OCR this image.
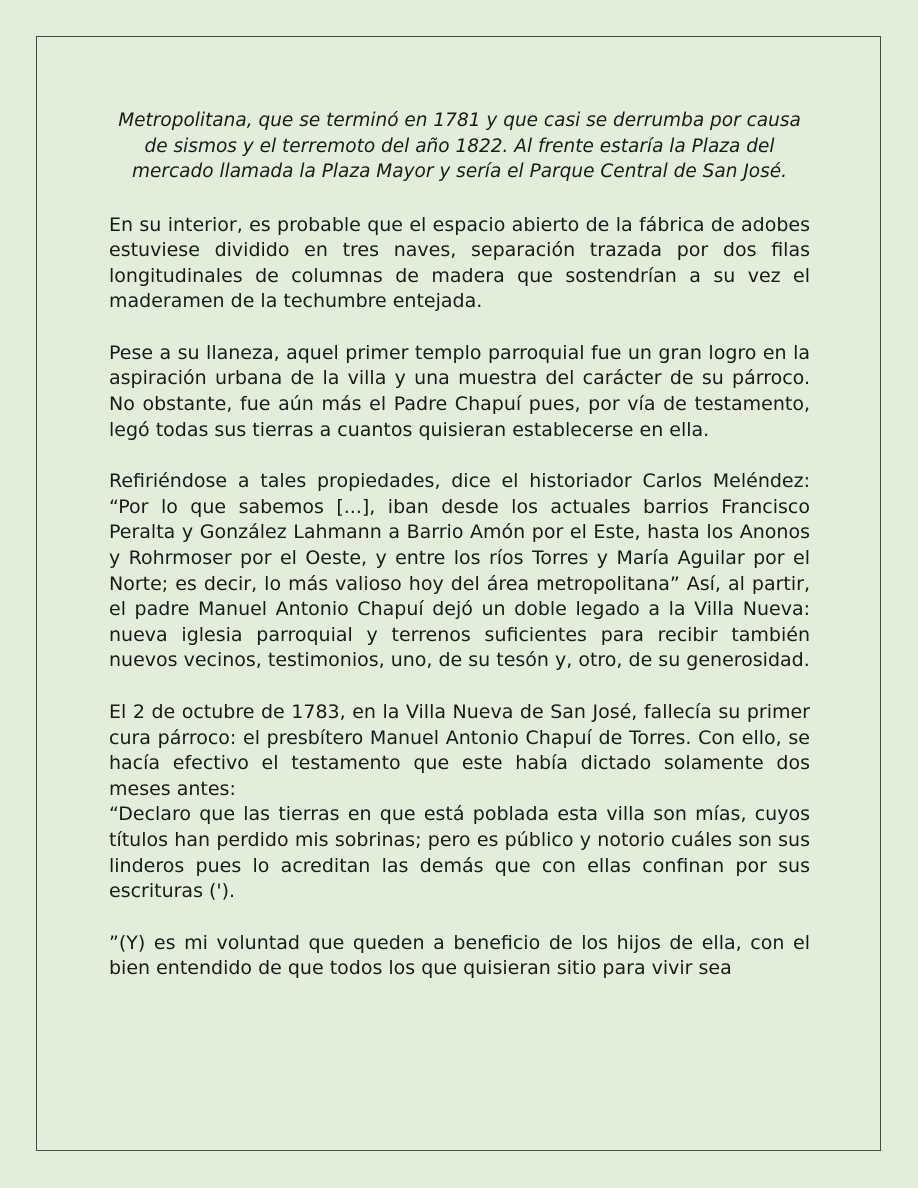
Metropolitana, que se terminó en 1781 y que casi se derrumba por causa de sismos y el terremoto del año 1822. Al frente estaría la Plaza del mercado llamada la Plaza Mayor y sería el Parque Central de San José.

En su interior, es probable que el espacio abierto de la fábrica de adobes estuviese dividido en tres naves, separación trazada por dos filas longitudinales de columnas de madera que sostendrían a su vez el maderamen de la techumbre entejada.

Pese a su llaneza, aquel primer templo parroquial fue un gran logro en la aspiración urbana de la villa y una muestra del carácter de su párroco. No obstante, fue aún más el Padre Chapuí pues, por vía de testamento, legó todas sus tierras a cuantos quisieran establecerse en ella.

Refiriéndose a tales propiedades, dice el historiador Carlos Meléndez: “Por lo que sabemos [...], iban desde los actuales barrios Francisco Peralta y González Lahmann a Barrio Amón por el Este, hasta los Anonos y Rohrmoser por el Oeste, y entre los ríos Torres y María Aguilar por el Norte; es decir, lo más valioso hoy del área metropolitana” Así, al partir, el padre Manuel Antonio Chapuí dejó un doble legado a la Villa Nueva: nueva iglesia parroquial y terrenos suficientes para recibir también nuevos vecinos, testimonios, uno, de su tesón y, otro, de su generosidad.

El 2 de octubre de 1783, en la Villa Nueva de San José, fallecía su primer cura párroco: el presbítero Manuel Antonio Chapuí de Torres. Con ello, se hacía efectivo el testamento que este había dictado solamente dos meses antes:

“Declaro que las tierras en que está poblada esta villa son mías, cuyos títulos han perdido mis sobrinas; pero es público y notorio cuáles son sus linderos pues lo acreditan las demás que con ellas confinan por sus escrituras (').

”(Y) es mi voluntad que queden a beneficio de los hijos de ella, con el bien entendido de que todos los que quisieran sitio para vivir sea
